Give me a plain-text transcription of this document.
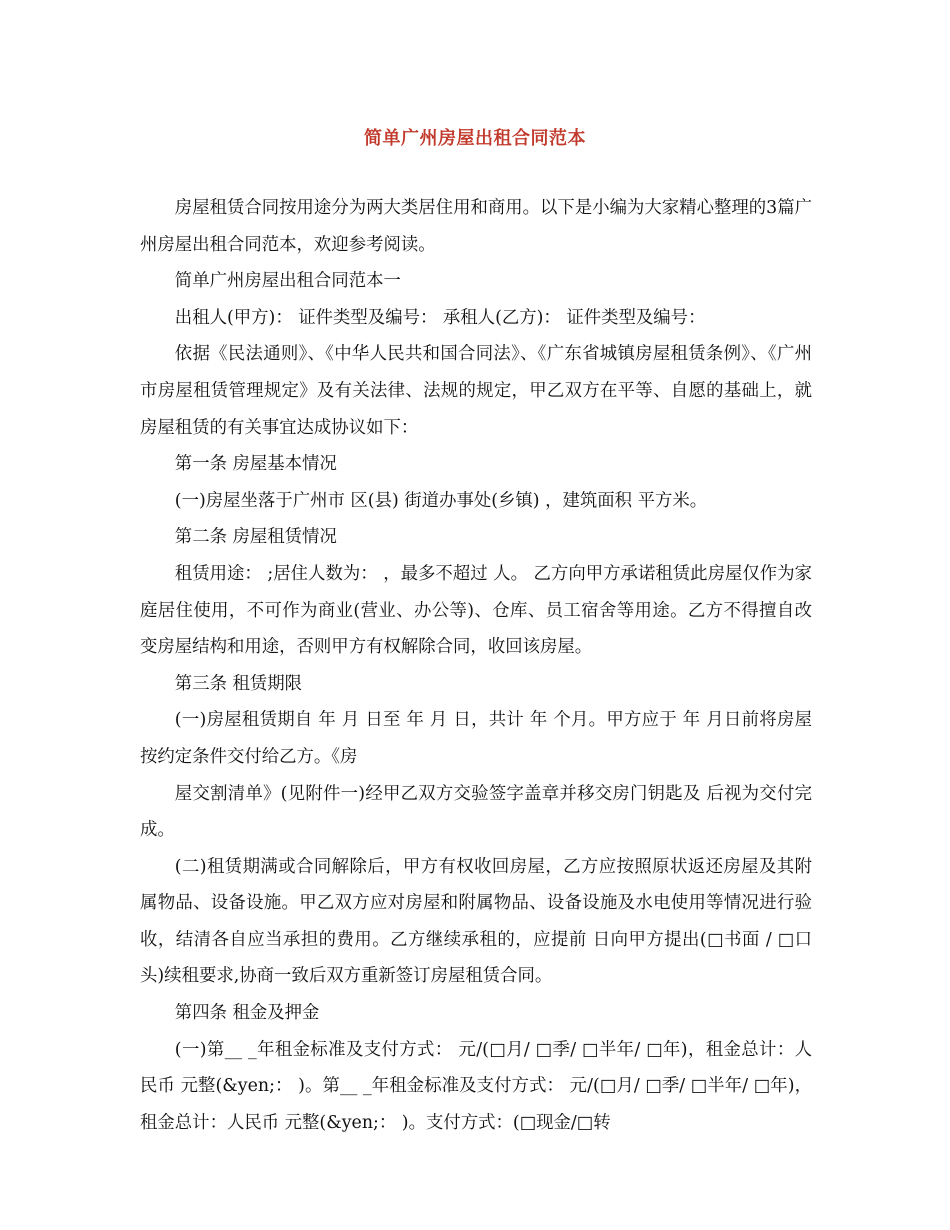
简单广州房屋出租合同范本

房屋租赁合同按用途分为两大类居住用和商用。以下是小编为大家精心整理的3篇广州房屋出租合同范本，欢迎参考阅读。

简单广州房屋出租合同范本一

出租人(甲方)： 证件类型及编号： 承租人(乙方)： 证件类型及编号：

依据《民法通则》、《中华人民共和国合同法》、《广东省城镇房屋租赁条例》、《广州市房屋租赁管理规定》及有关法律、法规的规定，甲乙双方在平等、自愿的基础上，就房屋租赁的有关事宜达成协议如下：

第一条 房屋基本情况

(一)房屋坐落于广州市 区(县) 街道办事处(乡镇) ，建筑面积 平方米。

第二条 房屋租赁情况

租赁用途： ;居住人数为： ，最多不超过 人。 乙方向甲方承诺租赁此房屋仅作为家庭居住使用，不可作为商业(营业、办公等)、仓库、员工宿舍等用途。乙方不得擅自改变房屋结构和用途，否则甲方有权解除合同，收回该房屋。

第三条 租赁期限

(一)房屋租赁期自 年 月 日至 年 月 日，共计 年 个月。甲方应于 年 月日前将房屋按约定条件交付给乙方。《房

屋交割清单》(见附件一)经甲乙双方交验签字盖章并移交房门钥匙及 后视为交付完成。

(二)租赁期满或合同解除后，甲方有权收回房屋，乙方应按照原状返还房屋及其附属物品、设备设施。甲乙双方应对房屋和附属物品、设备设施及水电使用等情况进行验收，结清各自应当承担的费用。乙方继续承租的，应提前 日向甲方提出(□书面 / □口头)续租要求,协商一致后双方重新签订房屋租赁合同。

第四条 租金及押金

(一)第__ _年租金标准及支付方式： 元/(□月/ □季/ □半年/ □年)，租金总计：人民币 元整(&yen;： )。第__ _年租金标准及支付方式： 元/(□月/ □季/ □半年/ □年)，租金总计：人民币 元整(&yen;： )。支付方式：(□现金/□转
